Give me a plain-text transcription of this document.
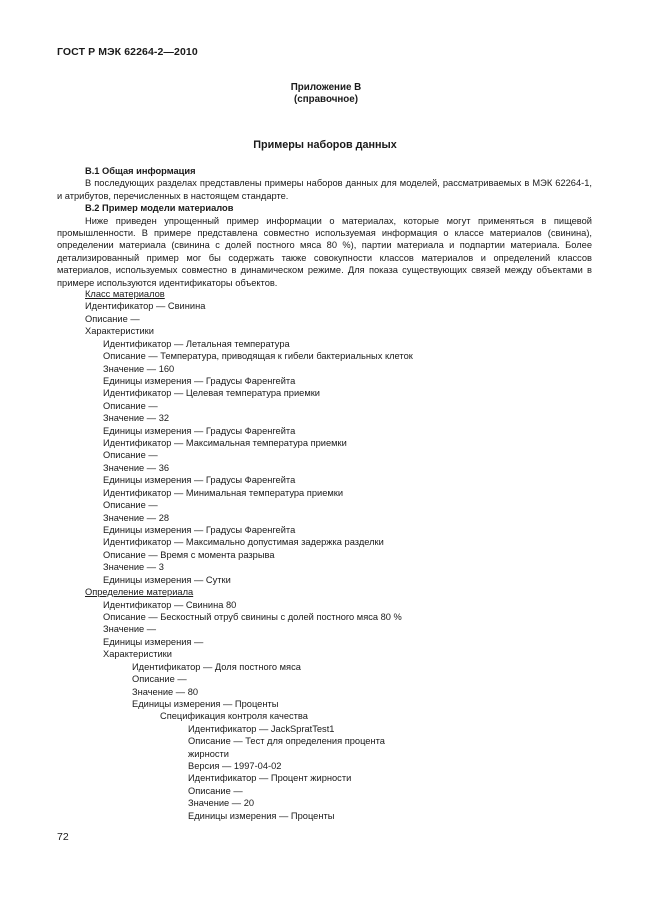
ГОСТ Р МЭК 62264-2—2010
Приложение В
(справочное)
Примеры наборов данных

В.1 Общая информация

В последующих разделах представлены примеры наборов данных для моделей, рассматриваемых в МЭК 62264-1, и атрибутов, перечисленных в настоящем стандарте.

В.2 Пример модели материалов

Ниже приведен упрощенный пример информации о материалах, которые могут применяться в пищевой промышленности. В примере представлена совместно используемая информация о классе материалов (свинина), определении материала (свинина с долей постного мяса 80 %), партии материала и подпартии материала. Более детализированный пример мог бы содержать также совокупности классов материалов и определений классов материалов, используемых совместно в динамическом режиме. Для показа существующих связей между объектами в примере используются идентификаторы объектов.

Класс материалов
Идентификатор — Свинина
Описание —
Характеристики
Идентификатор — Летальная температура
Описание — Температура, приводящая к гибели бактериальных клеток
Значение — 160
Единицы измерения — Градусы Фаренгейта
Идентификатор — Целевая температура приемки
Описание —
Значение — 32
Единицы измерения — Градусы Фаренгейта
Идентификатор — Максимальная температура приемки
Описание —
Значение — 36
Единицы измерения — Градусы Фаренгейта
Идентификатор — Минимальная температура приемки
Описание —
Значение — 28
Единицы измерения — Градусы Фаренгейта
Идентификатор — Максимально допустимая задержка разделки
Описание — Время с момента разрыва
Значение — 3
Единицы измерения — Сутки
Определение материала
Идентификатор — Свинина 80
Описание — Бескостный отруб свинины с долей постного мяса 80 %
Значение —
Единицы измерения —
Характеристики
Идентификатор — Доля постного мяса
Описание —
Значение — 80
Единицы измерения — Проценты
Спецификация контроля качества
Идентификатор — JackSpratTest1
Описание — Тест для определения процента
жирности
Версия — 1997-04-02
Идентификатор — Процент жирности
Описание —
Значение — 20
Единицы измерения — Проценты
72
